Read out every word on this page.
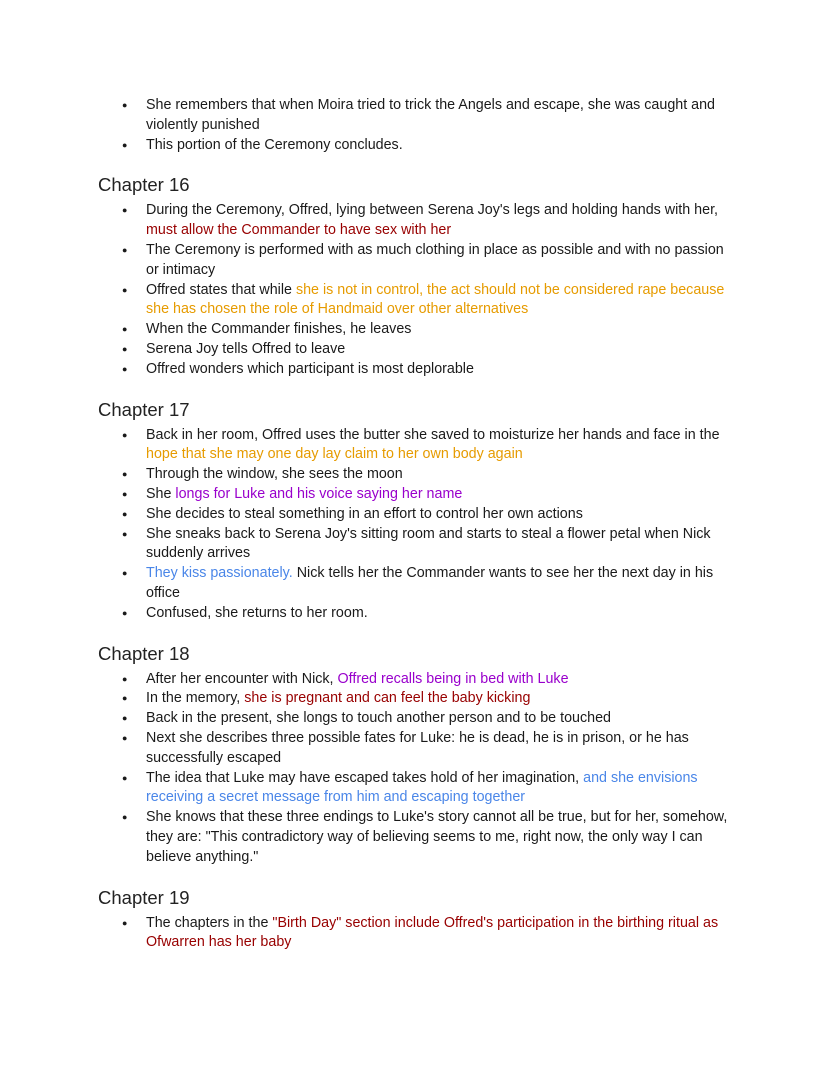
● She remembers that when Moira tried to trick the Angels and escape, she was caught and violently punished
● This portion of the Ceremony concludes.
Chapter 16
● During the Ceremony, Offred, lying between Serena Joy's legs and holding hands with her, must allow the Commander to have sex with her
● The Ceremony is performed with as much clothing in place as possible and with no passion or intimacy
● Offred states that while she is not in control, the act should not be considered rape because she has chosen the role of Handmaid over other alternatives
● When the Commander finishes, he leaves
● Serena Joy tells Offred to leave
● Offred wonders which participant is most deplorable
Chapter 17
● Back in her room, Offred uses the butter she saved to moisturize her hands and face in the hope that she may one day lay claim to her own body again
● Through the window, she sees the moon
● She longs for Luke and his voice saying her name
● She decides to steal something in an effort to control her own actions
● She sneaks back to Serena Joy's sitting room and starts to steal a flower petal when Nick suddenly arrives
● They kiss passionately. Nick tells her the Commander wants to see her the next day in his office
● Confused, she returns to her room.
Chapter 18
● After her encounter with Nick, Offred recalls being in bed with Luke
● In the memory, she is pregnant and can feel the baby kicking
● Back in the present, she longs to touch another person and to be touched
● Next she describes three possible fates for Luke: he is dead, he is in prison, or he has successfully escaped
● The idea that Luke may have escaped takes hold of her imagination, and she envisions receiving a secret message from him and escaping together
● She knows that these three endings to Luke's story cannot all be true, but for her, somehow, they are: "This contradictory way of believing seems to me, right now, the only way I can believe anything."
Chapter 19
● The chapters in the "Birth Day" section include Offred's participation in the birthing ritual as Ofwarren has her baby
